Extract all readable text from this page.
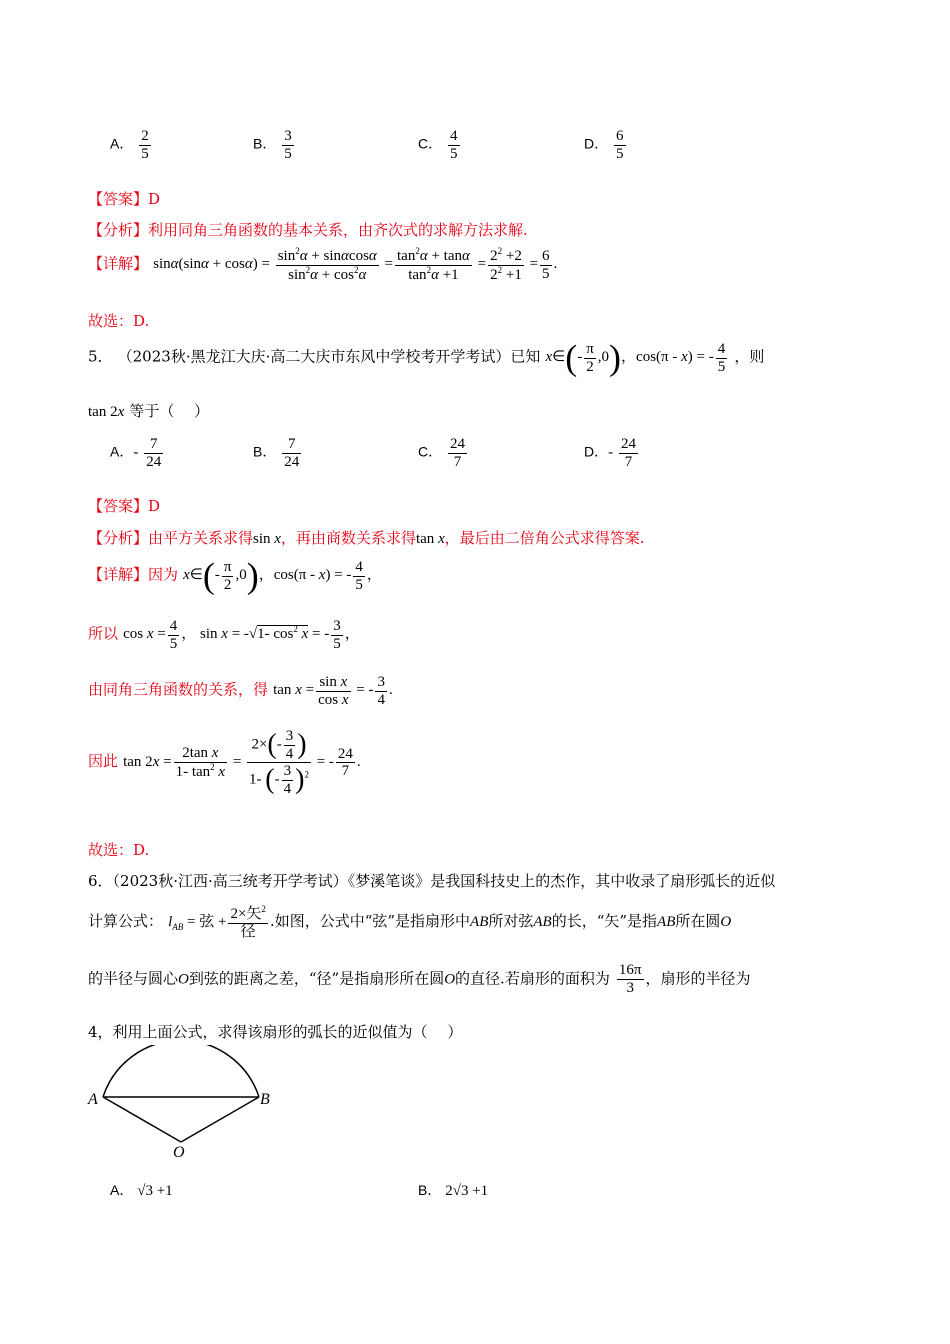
A． $\frac{2}{5}$	B． $\frac{3}{5}$	C． $\frac{4}{5}$	D． $\frac{6}{5}$
【答案】D
【分析】利用同角三角函数的基本关系，由齐次式的求解方法求解.
【详解】 $\sin\alpha(\sin\alpha + \cos\alpha) = \frac{\sin^2\alpha + \sin\alpha\cos\alpha}{\sin^2\alpha + \cos^2\alpha} = \frac{\tan^2\alpha + \tan\alpha}{\tan^2\alpha +1} = \frac{2^2 +2}{2^2 +1} = \frac{6}{5}$ .
故选：D.
5． （2023秋·黑龙江大庆·高二大庆市东风中学校考开学考试）已知 x∈(- $\frac{\pi}{2} ,0$)，cos(π - x) = - $\frac{4}{5}$ ，则
tan 2x 等于（　 ）
A．- $\frac{7}{24}$	B． $\frac{7}{24}$	C． $\frac{24}{7}$	D．- $\frac{24}{7}$
【答案】D
【分析】由平方关系求得sin x，再由商数关系求得tan x，最后由二倍角公式求得答案.
【详解】因为 x∈(- $\frac{\pi}{2} ,0$)，cos(π - x) = - $\frac{4}{5}$ ，
所以 $\cos x = \frac{4}{5}$ ， sin x = -√1- $\cos^2 x$ = - $\frac{3}{5}$ ，
由同角三角函数的关系，得 $\tan x = \frac{\text{sin x}}{\text{cos x}}$ = - $\frac{3}{4}$ .
因此 $\tan 2x = \frac{\text{2tan x}}{1- \tan^2 x} = \frac{2\times(- \frac{3}{4} )}{1- (- \frac{3}{4} )^2}$ = - $\frac{24}{7}$ .
故选：D.
6．（2023秋·江西·高三统考开学考试）《梦溪笔谈》是我国科技史上的杰作，其中收录了扇形弧长的近似
计算公式： $l_{AB}$ = 弦 + $\frac{2\times 矢^2}{\text{径}}$ .如图，公式中“弦”是指扇形中AB所对弦AB的长，“矢”是指AB所在圆O
的半径与圆心O到弦的距离之差，“径”是指扇形所在圆O的直径.若扇形的面积为 $\frac{16\pi}{3}$ ，扇形的半径为
4，利用上面公式，求得该扇形的弧长的近似值为（　 ）
A	B
O
A． √3 +1	B． 2√3 +1
